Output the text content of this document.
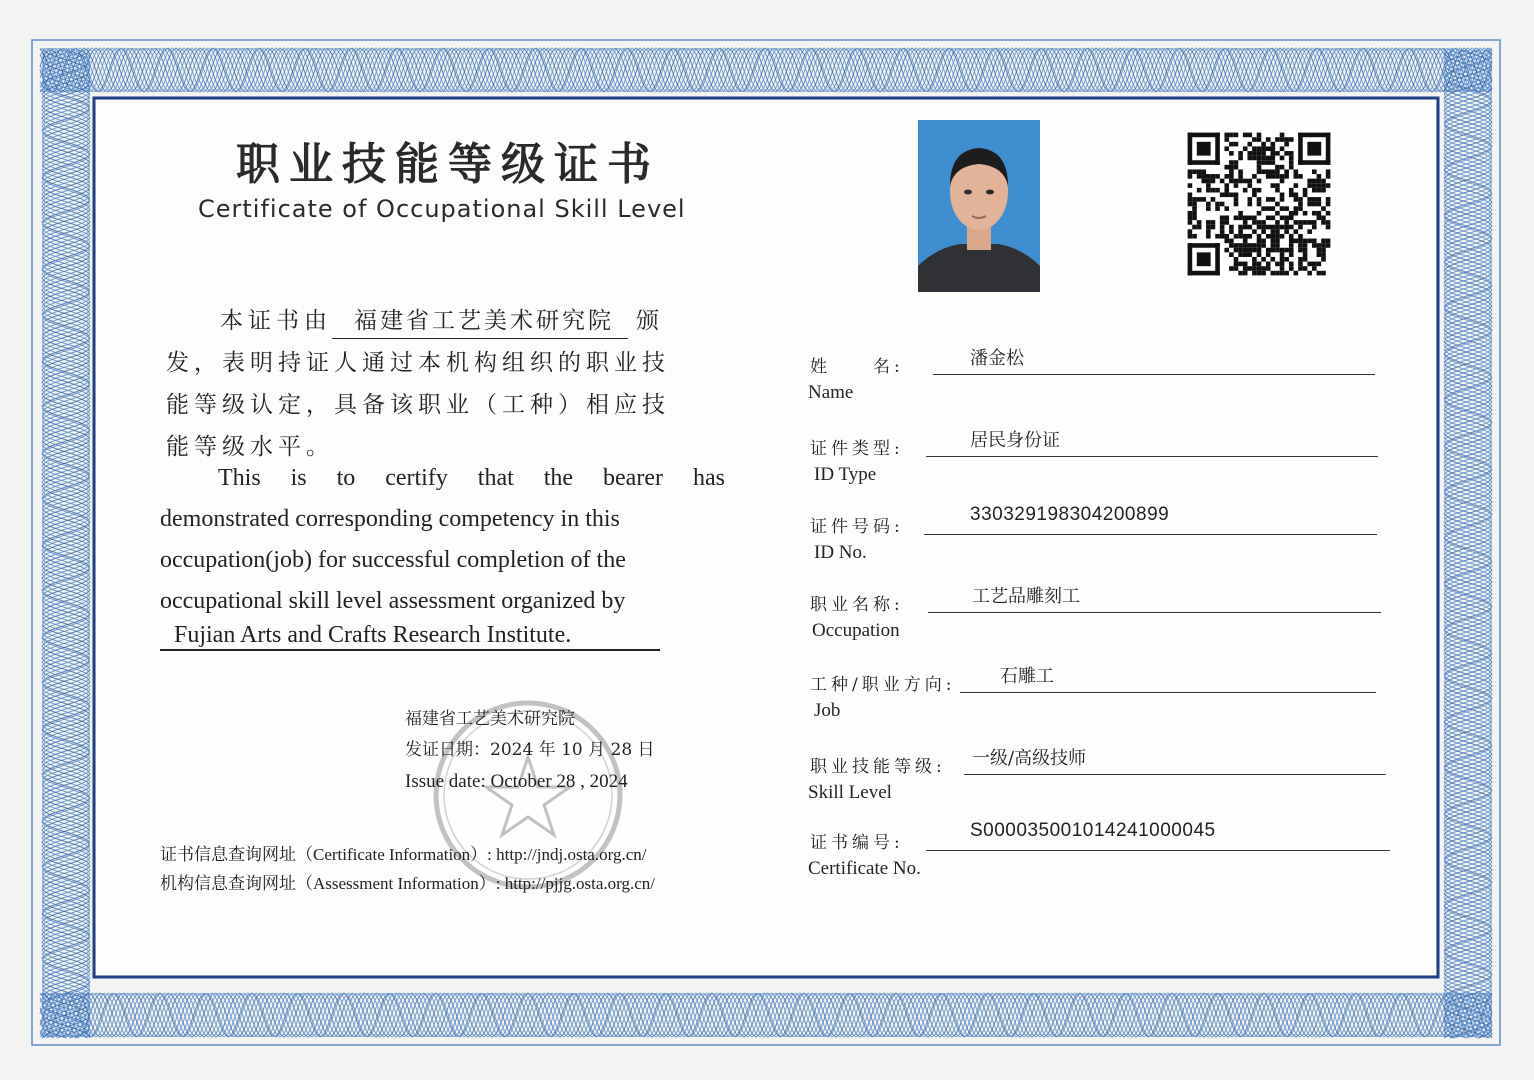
职业技能等级证书
Certificate of Occupational Skill Level
本证书由 福建省工艺美术研究院 颁
发，表明持证人通过本机构组织的职业技
能等级认定，具备该职业（工种）相应技
能等级水平。
This is to certify that the bearer has
demonstrated corresponding competency in this
occupation(job) for successful completion of the
occupational skill level assessment organized by
Fujian Arts and Crafts Research Institute.
福建省工艺美术研究院
发证日期：2024 年 10 月 28 日
Issue date: October 28 , 2024
证书信息查询网址（Certificate Information）: http://jndj.osta.org.cn/
机构信息查询网址（Assessment Information）: http://pjjg.osta.org.cn/
姓　　名:
Name
潘金松
证件类型:
ID Type
居民身份证
证件号码:
ID No.
330329198304200899
职业名称:
Occupation
工艺品雕刻工
工种/职业方向:
Job
石雕工
职业技能等级:
Skill Level
一级/高级技师
证书编号:
Certificate No.
S000035001014241000045
